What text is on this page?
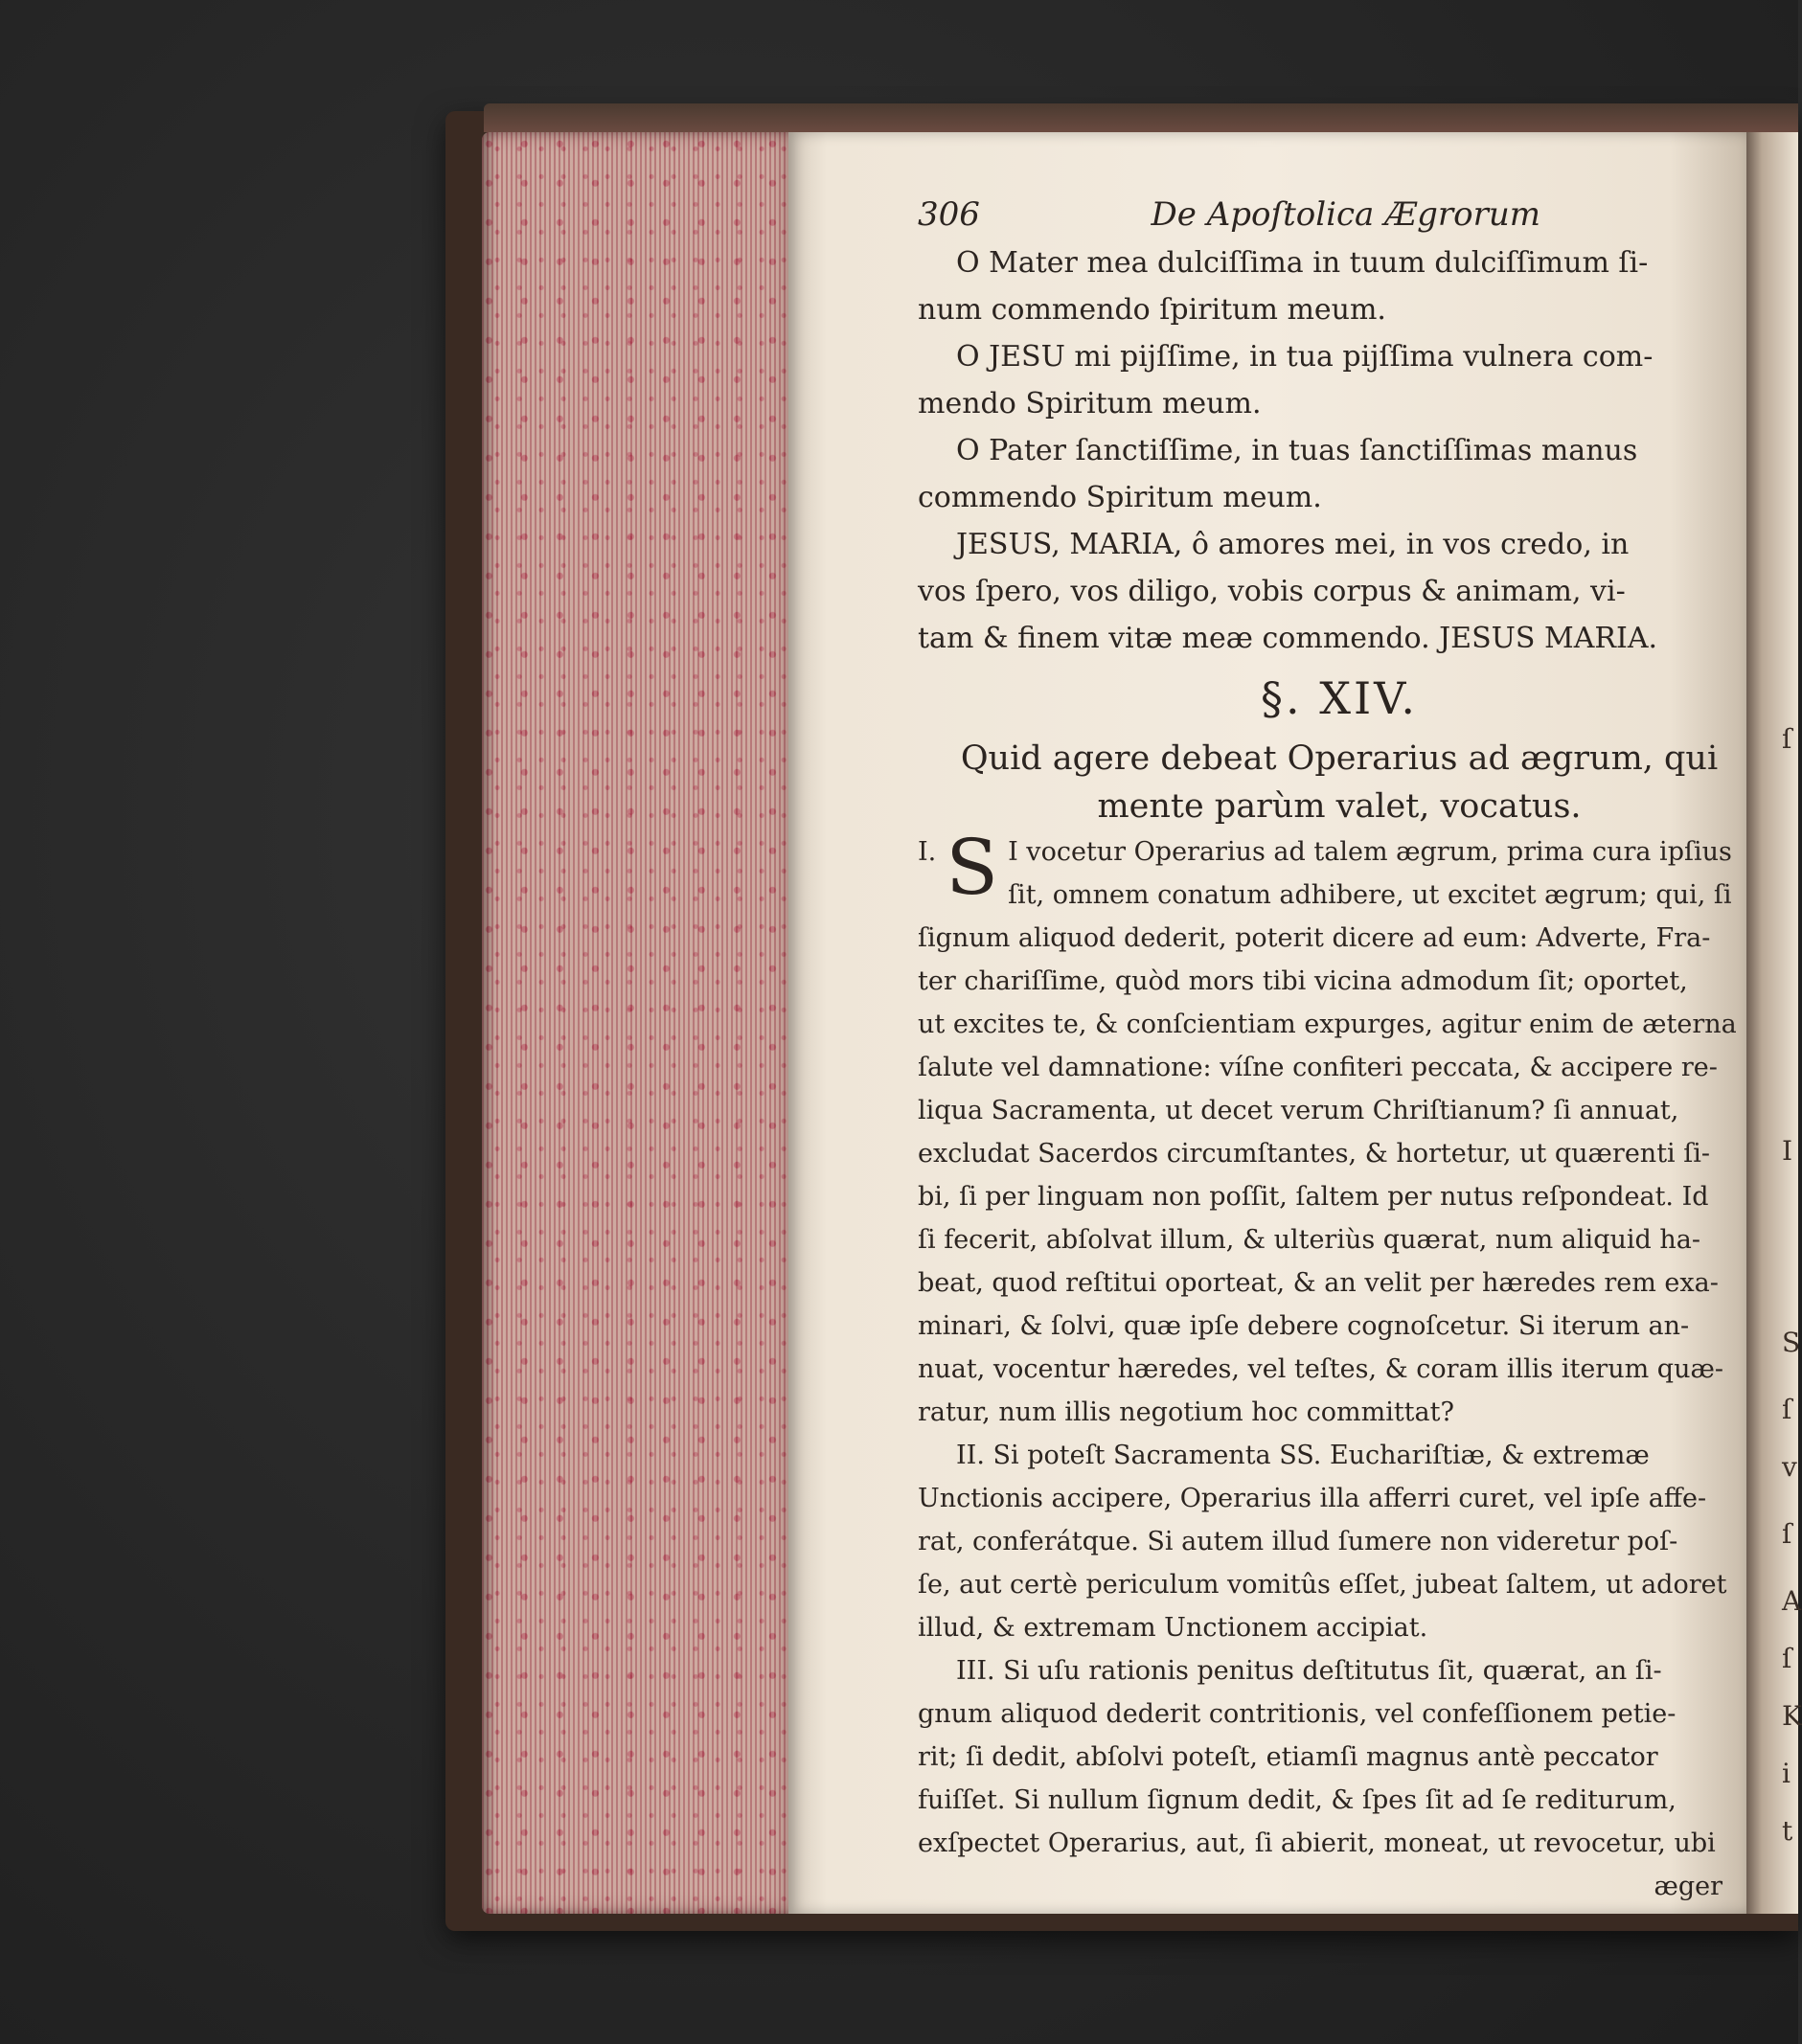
ſ
I
S
ſ
v
ſ
A
ſ
K
i
t
306	De Apoſtolica Ægrorum
O Mater mea dulciſſima in tuum dulciſſimum ſi-
num commendo ſpiritum meum.
O JESU mi pijſſime, in tua pijſſima vulnera com-
mendo Spiritum meum.
O Pater ſanctiſſime, in tuas ſanctiſſimas manus
commendo Spiritum meum.
JESUS, MARIA, ô amores mei, in vos credo, in
vos ſpero, vos diligo, vobis corpus & animam, vi-
tam & finem vitæ meæ commendo. JESUS MARIA.
§. XIV.
Quid agere debeat Operarius ad ægrum, qui
mente parùm valet, vocatus.
I. S I vocetur Operarius ad talem ægrum, prima cura ipſius
ſit, omnem conatum adhibere, ut excitet ægrum; qui, ſi
ſignum aliquod dederit, poterit dicere ad eum: Adverte, Fra-
ter chariſſime, quòd mors tibi vicina admodum ſit; oportet,
ut excites te, & conſcientiam expurges, agitur enim de æterna
ſalute vel damnatione: víſne confiteri peccata, & accipere re-
liqua Sacramenta, ut decet verum Chriſtianum? ſi annuat,
excludat Sacerdos circumſtantes, & hortetur, ut quærenti ſi-
bi, ſi per linguam non poſſit, ſaltem per nutus reſpondeat. Id
ſi fecerit, abſolvat illum, & ulteriùs quærat, num aliquid ha-
beat, quod reſtitui oporteat, & an velit per hæredes rem exa-
minari, & ſolvi, quæ ipſe debere cognoſcetur. Si iterum an-
nuat, vocentur hæredes, vel teſtes, & coram illis iterum quæ-
ratur, num illis negotium hoc committat?
II. Si poteſt Sacramenta SS. Euchariſtiæ, & extremæ
Unctionis accipere, Operarius illa afferri curet, vel ipſe affe-
rat, conferátque. Si autem illud ſumere non videretur poſ-
ſe, aut certè periculum vomitûs eſſet, jubeat ſaltem, ut adoret
illud, & extremam Unctionem accipiat.
III. Si uſu rationis penitus deſtitutus ſit, quærat, an ſi-
gnum aliquod dederit contritionis, vel confeſſionem petie-
rit; ſi dedit, abſolvi poteſt, etiamſi magnus antè peccator
fuiſſet. Si nullum ſignum dedit, & ſpes ſit ad ſe rediturum,
exſpectet Operarius, aut, ſi abierit, moneat, ut revocetur, ubi
æger
